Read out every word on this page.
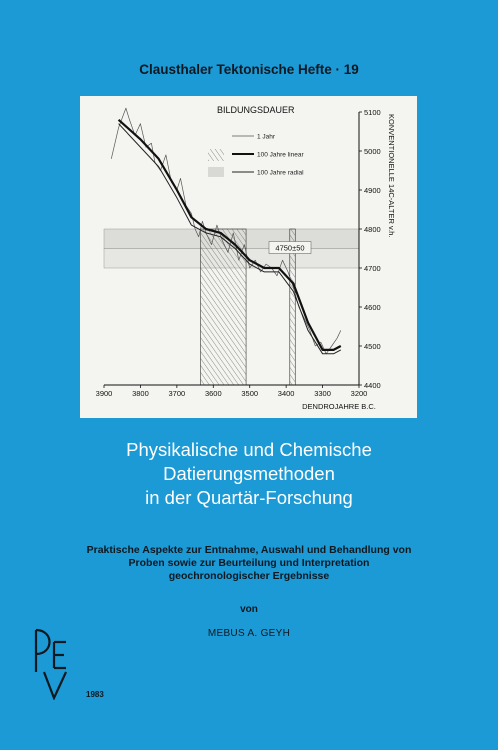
Clausthaler Tektonische Hefte · 19
3900	3800	3700	3600	3500	3400	3300	3200
4400
4500
4600
4700
4800
4900
5000
5100
DENDROJAHRE B.C.
KONVENTIONELLE 14C-ALTER v.h.
BILDUNGSDAUER
1 Jahr
100 Jahre linear
100 Jahre radial
4750±50
Physikalische und Chemische
Datierungsmethoden
in der Quartär-Forschung
Praktische Aspekte zur Entnahme, Auswahl und Behandlung von
Proben sowie zur Beurteilung und Interpretation
geochronologischer Ergebnisse
von
MEBUS A. GEYH
1983
